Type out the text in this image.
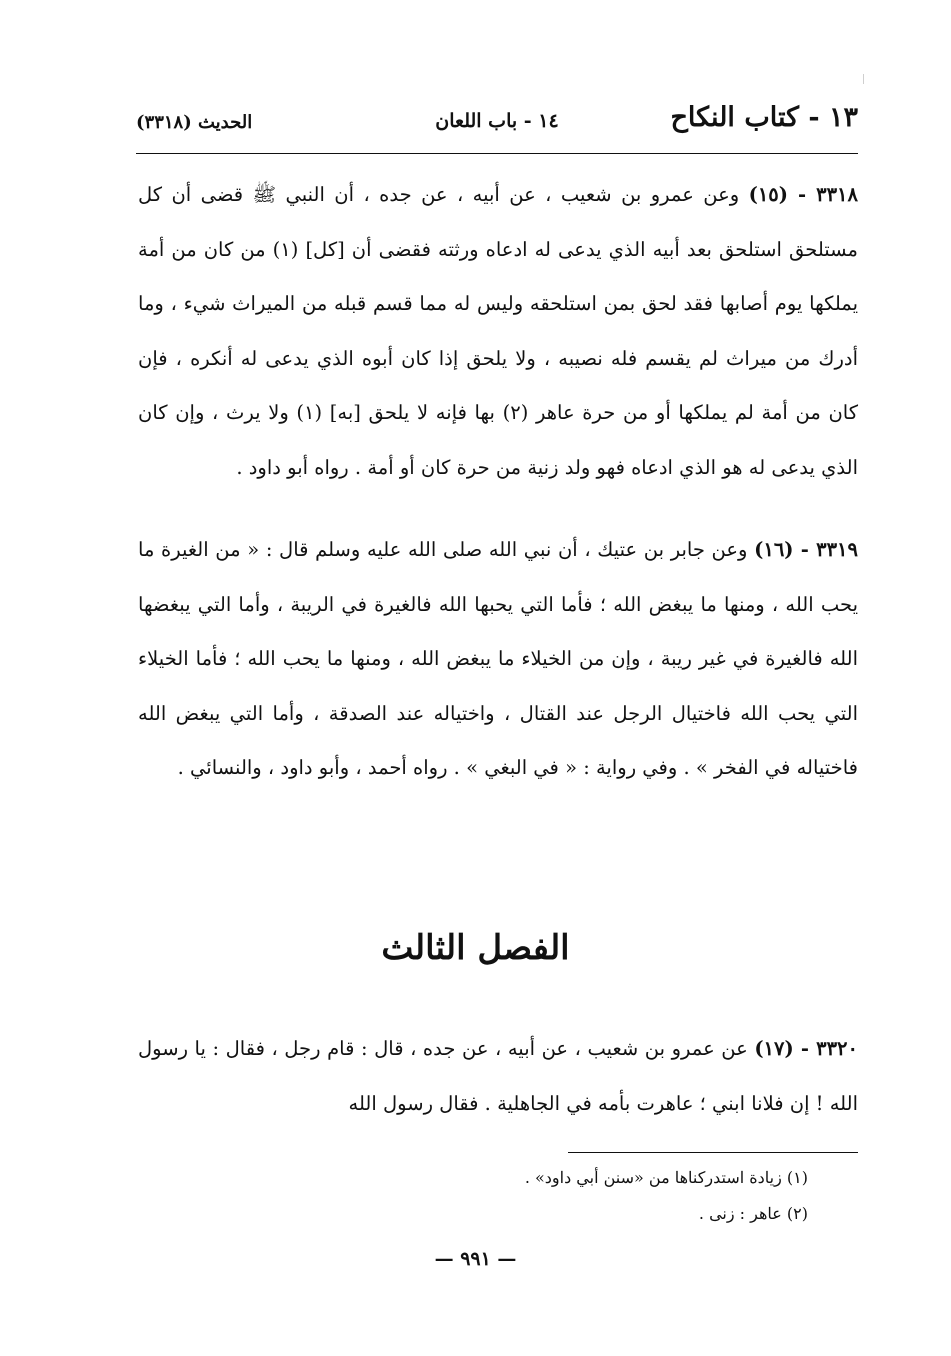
١٣ - كتاب النكاح
١٤ - باب اللعان
الحديث (٣٣١٨)

٣٣١٨ - (١٥) وعن عمرو بن شعيب ، عن أبيه ، عن جده ، أن النبي ﷺ قضى أن كل مستلحق استلحق بعد أبيه الذي يدعى له ادعاه ورثته فقضى أن [كل] (١) من كان من أمة يملكها يوم أصابها فقد لحق بمن استلحقه وليس له مما قسم قبله من الميراث شيء ، وما أدرك من ميراث لم يقسم فله نصيبه ، ولا يلحق إذا كان أبوه الذي يدعى له أنكره ، فإن كان من أمة لم يملكها أو من حرة عاهر (٢) بها فإنه لا يلحق [به] (١) ولا يرث ، وإن كان الذي يدعى له هو الذي ادعاه فهو ولد زنية من حرة كان أو أمة . رواه أبو داود .

٣٣١٩ - (١٦) وعن جابر بن عتيك ، أن نبي الله صلى الله عليه وسلم قال : « من الغيرة ما يحب الله ، ومنها ما يبغض الله ؛ فأما التي يحبها الله فالغيرة في الريبة ، وأما التي يبغضها الله فالغيرة في غير ريبة ، وإن من الخيلاء ما يبغض الله ، ومنها ما يحب الله ؛ فأما الخيلاء التي يحب الله فاختيال الرجل عند القتال ، واختياله عند الصدقة ، وأما التي يبغض الله فاختياله في الفخر » . وفي رواية : « في البغي » . رواه أحمد ، وأبو داود ، والنسائي .

الفصل الثالث

٣٣٢٠ - (١٧) عن عمرو بن شعيب ، عن أبيه ، عن جده ، قال : قام رجل ، فقال : يا رسول الله ! إن فلانا ابني ؛ عاهرت بأمه في الجاهلية . فقال رسول الله

(١) زيادة استدركناها من «سنن أبي داود» .
(٢) عاهر : زنى .
— ٩٩١ —
